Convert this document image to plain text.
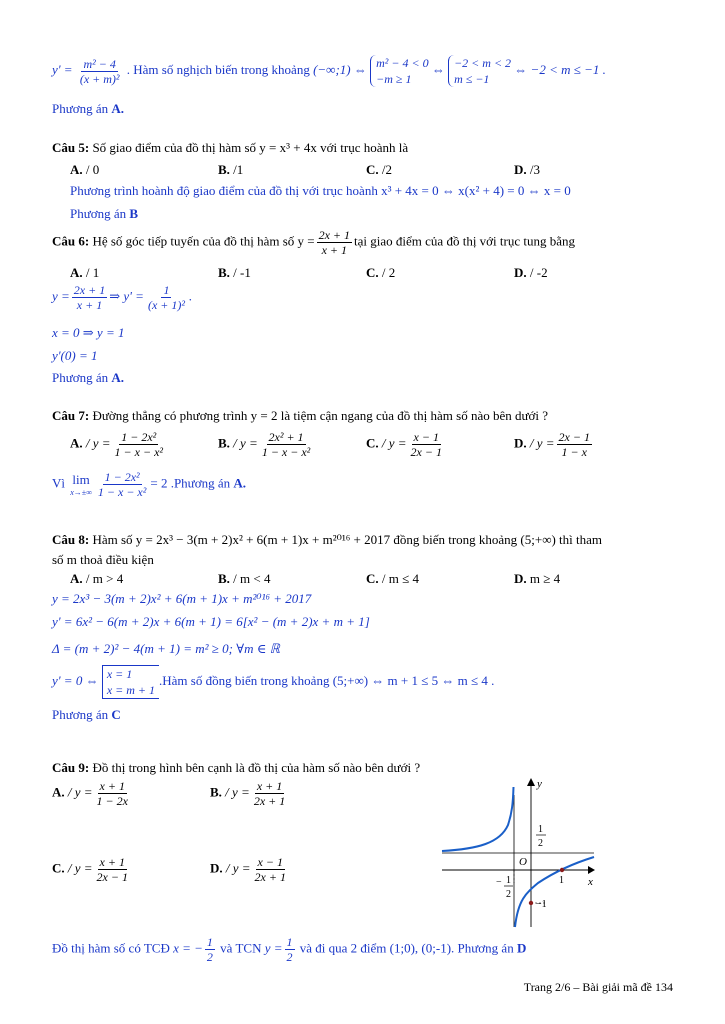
$y' = \frac{\text{m² − 4}}{\text{(x + m)²}}$ . Hàm số nghịch biến trong khoảng (−∞;1) ⇔ m² − 4 < 0
−m ≥ 1 ⇔ −2 < m < 2
m ≤ −1 ⇔ −2 < m ≤ −1 .
Phương án A.
Câu 5: Số giao điểm của đồ thị hàm số y = x³ + 4x với trục hoành là
A. / 0	B. /1	C. /2	D. /3
Phương trình hoành độ giao điểm của đồ thị với trục hoành x³ + 4x = 0 ⇔ x(x² + 4) = 0 ⇔ x = 0
Phương án B
Câu 6: Hệ số góc tiếp tuyến của đồ thị hàm số $y = \frac{2x + 1}{x + 1}$ tại giao điểm của đồ thị với trục tung bằng
A. / 1	B. / -1	C. / 2	D. / -2
$y = \frac{2x + 1}{x + 1}$ ⇒ $y' = \frac{1}{\text{(x + 1)²}}$ .
x = 0 ⇒ y = 1
y'(0) = 1
Phương án A.
Câu 7: Đường thẳng có phương trình y = 2 là tiệm cận ngang của đồ thị hàm số nào bên dưới ?
A. / $y = \frac{\text{1 − 2x²}}{\text{1 − x − x²}}$	B. / $y = \frac{\text{2x² + 1}}{\text{1 − x − x²}}$	C. / $y = \frac{x - 1}{2x - 1}$	D. / $y = \frac{2x - 1}{1 - x}$
Vì lim
$x\to\pm\infty \frac{\text{1 − 2x²}}{\text{1 − x − x²}} = 2$ .Phương án A.
Câu 8: Hàm số y = 2x³ − 3(m + 2)x² + 6(m + 1)x + m²⁰¹⁶ + 2017 đồng biến trong khoảng (5;+∞) thì tham
số m thoả điều kiện
A. / m > 4	B. / m < 4	C. / m ≤ 4	D. m ≥ 4
y = 2x³ − 3(m + 2)x² + 6(m + 1)x + m²⁰¹⁶ + 2017
y' = 6x² − 6(m + 2)x + 6(m + 1) = 6[x² − (m + 2)x + m + 1]
Δ = (m + 2)² − 4(m + 1) = m² ≥ 0; ∀m ∈ ℝ
y' = 0 ⇔ x = 1
x = m + 1.Hàm số đồng biến trong khoảng (5;+∞) ⇔ m + 1 ≤ 5 ⇔ m ≤ 4 .
Phương án C
Câu 9: Đồ thị trong hình bên cạnh là đồ thị của hàm số nào bên dưới ?
A. / $y = \frac{x + 1}{1 - 2x}$	B. / $y = \frac{x + 1}{2x + 1}$
C. / $y = \frac{x + 1}{2x - 1}$	D. / $y = \frac{x - 1}{2x + 1}$
y
x
O
1
2
− 1
2
1
−1
Đồ thị hàm số có TCĐ x = − $\frac{1}{2}$ và TCN $y = \frac{1}{2}$ và đi qua 2 điểm (1;0), (0;-1). Phương án D
Trang 2/6 – Bài giải mã đề 134
